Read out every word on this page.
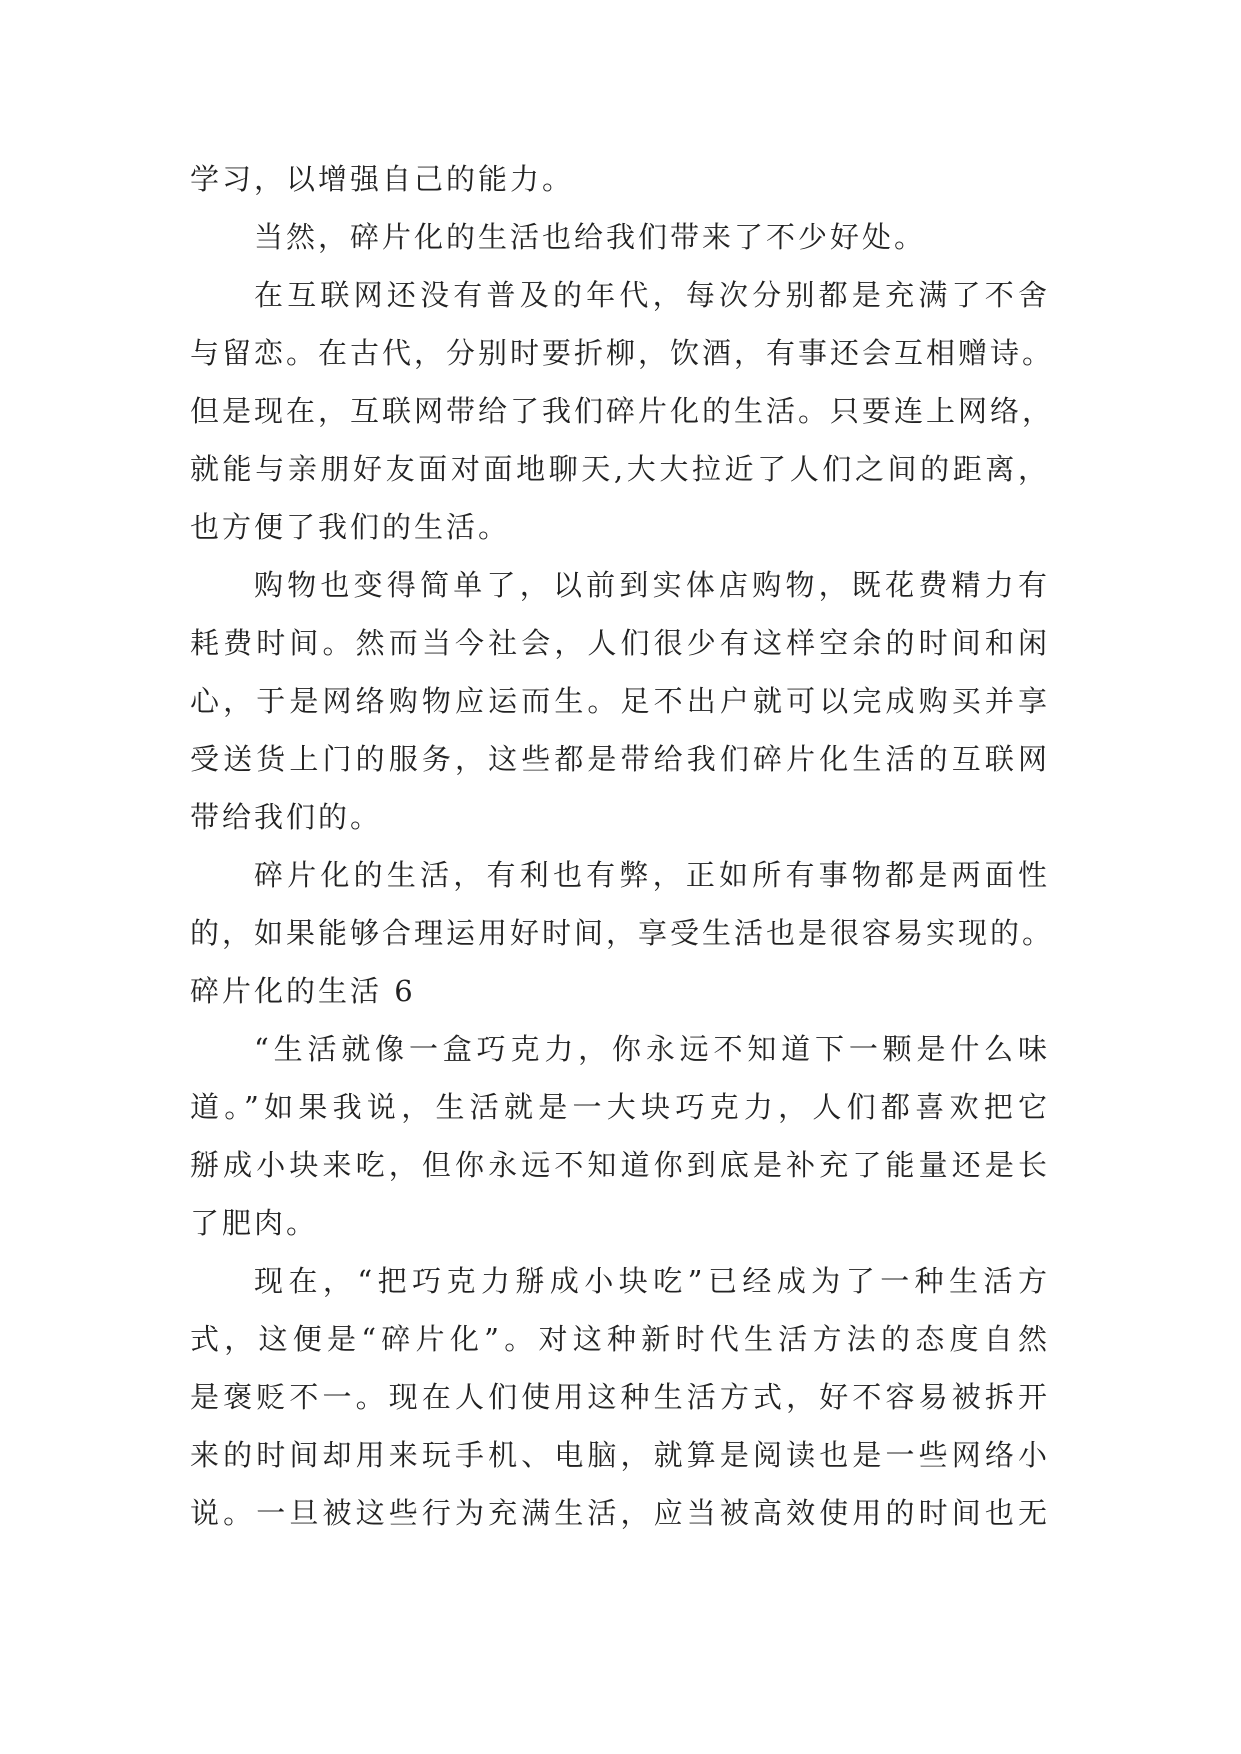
学习，以增强自己的能力。
当然，碎片化的生活也给我们带来了不少好处。
在互联网还没有普及的年代，每次分别都是充满了不舍
与留恋。在古代，分别时要折柳，饮酒，有事还会互相赠诗。
但是现在，互联网带给了我们碎片化的生活。只要连上网络，
就能与亲朋好友面对面地聊天,大大拉近了人们之间的距离，
也方便了我们的生活。
购物也变得简单了，以前到实体店购物，既花费精力有
耗费时间。然而当今社会，人们很少有这样空余的时间和闲
心，于是网络购物应运而生。足不出户就可以完成购买并享
受送货上门的服务，这些都是带给我们碎片化生活的互联网
带给我们的。
碎片化的生活，有利也有弊，正如所有事物都是两面性
的，如果能够合理运用好时间，享受生活也是很容易实现的。
碎片化的生活 6
“生活就像一盒巧克力，你永远不知道下一颗是什么味
道。”如果我说，生活就是一大块巧克力，人们都喜欢把它
掰成小块来吃，但你永远不知道你到底是补充了能量还是长
了肥肉。
现在，“把巧克力掰成小块吃”已经成为了一种生活方
式，这便是“碎片化”。对这种新时代生活方法的态度自然
是褒贬不一。现在人们使用这种生活方式，好不容易被拆开
来的时间却用来玩手机、电脑，就算是阅读也是一些网络小
说。一旦被这些行为充满生活，应当被高效使用的时间也无
